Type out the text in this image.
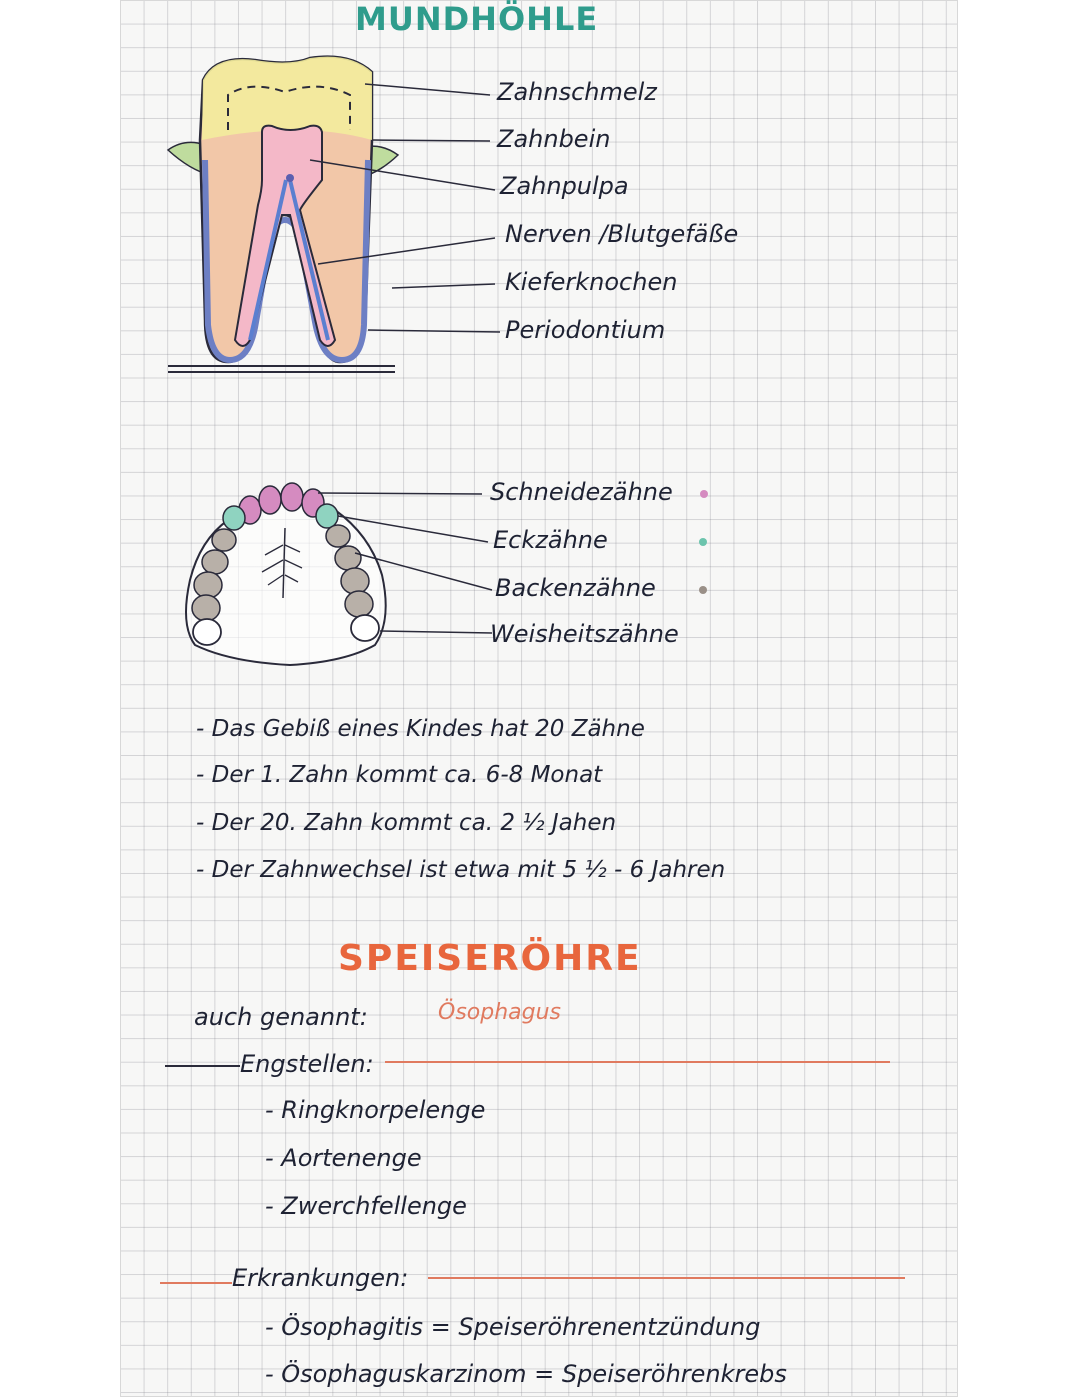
MUNDHÖHLE
Zahnschmelz
Zahnbein
Zahnpulpa
Nerven /Blutgefäße
Kieferknochen
Periodontium
Schneidezähne
Eckzähne
Backenzähne
Weisheitszähne
- Das Gebiß eines Kindes hat 20 Zähne
- Der 1. Zahn kommt ca. 6-8 Monat
- Der 20. Zahn kommt ca. 2 ½ Jahen
- Der Zahnwechsel ist etwa mit 5 ½ - 6 Jahren
SPEISERÖHRE
auch genannt:	Ösophagus
Engstellen:
- Ringknorpelenge
- Aortenenge
- Zwerchfellenge
Erkrankungen:
- Ösophagitis = Speiseröhrenentzündung
- Ösophaguskarzinom = Speiseröhrenkrebs
